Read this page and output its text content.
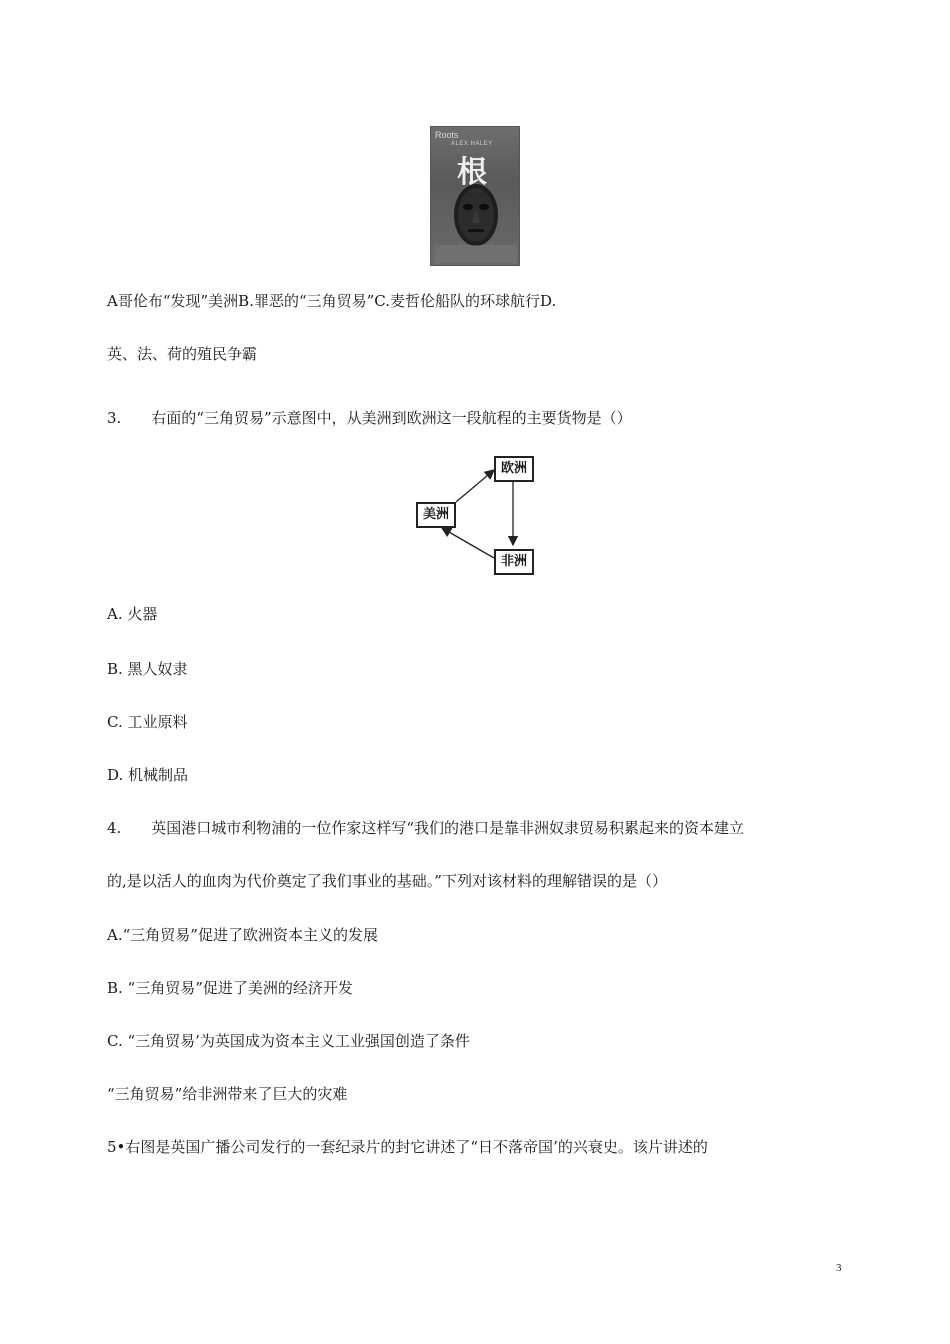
Roots
ALEX HALEY
根
A哥伦布“发现”美洲B.罪恶的“三角贸易”C.麦哲伦船队的环球航行D.
英、法、荷的殖民争霸
3.　　右面的“三角贸易”示意图中，从美洲到欧洲这一段航程的主要货物是（）
欧洲
美洲
非洲
A. 火器
B. 黑人奴隶
C. 工业原料
D. 机械制品
4.　　英国港口城市利物浦的一位作家这样写“我们的港口是靠非洲奴隶贸易积累起来的资本建立
的,是以活人的血肉为代价奠定了我们事业的基础。”下列对该材料的理解错误的是（）
A.“三角贸易”促进了欧洲资本主义的发展
B. “三角贸易”促进了美洲的经济开发
C. “三角贸易’为英国成为资本主义工业强国创造了条件
“三角贸易”给非洲带来了巨大的灾难
5•右图是英国广播公司发行的一套纪录片的封它讲述了“日不落帝国’的兴衰史。该片讲述的
3
